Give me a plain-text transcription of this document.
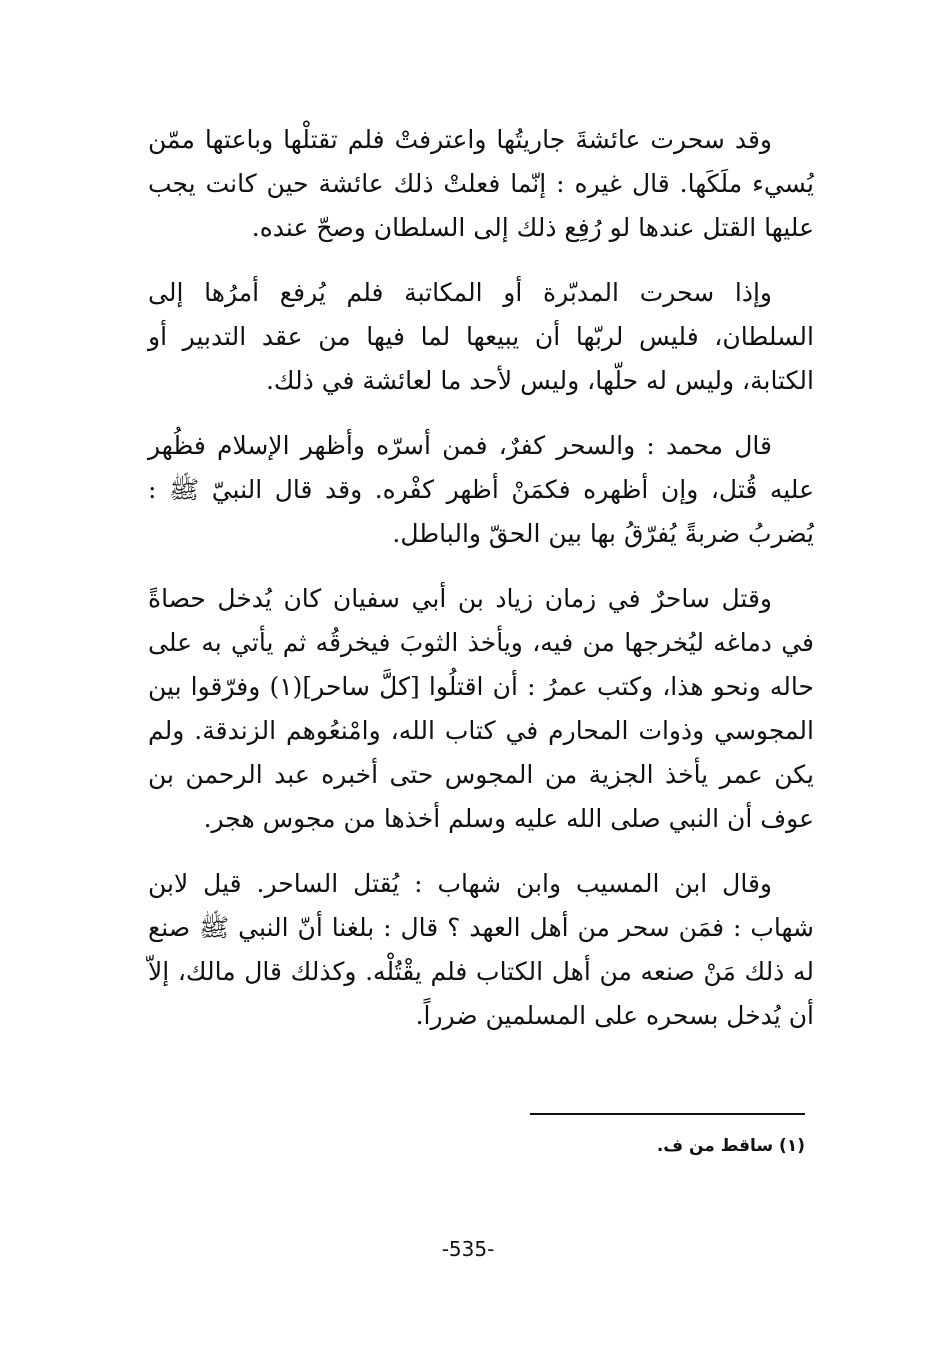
وقد سحرت عائشةَ جاريتُها واعترفتْ فلم تقتلْها وباعتها ممّن يُسيء ملَكَها. قال غيره : إنّما فعلتْ ذلك عائشة حين كانت يجب عليها القتل عندها لو رُفِع ذلك إلى السلطان وصحّ عنده.

وإذا سحرت المدبّرة أو المكاتبة فلم يُرفع أمرُها إلى السلطان، فليس لربّها أن يبيعها لما فيها من عقد التدبير أو الكتابة، وليس له حلّها، وليس لأحد ما لعائشة في ذلك.

قال محمد : والسحر كفرٌ، فمن أسرّه وأظهر الإسلام فظُهر عليه قُتل، وإن أظهره فكمَنْ أظهر كفْره. وقد قال النبيّ ﷺ : يُضربُ ضربةً يُفرّقُ بها بين الحقّ والباطل.

وقتل ساحرٌ في زمان زياد بن أبي سفيان كان يُدخل حصاةً في دماغه ليُخرجها من فيه، ويأخذ الثوبَ فيخرقُه ثم يأتي به على حاله ونحو هذا، وكتب عمرُ : أن اقتلُوا [كلَّ ساحر](١) وفرّقوا بين المجوسي وذوات المحارم في كتاب الله، وامْنعُوهم الزندقة. ولم يكن عمر يأخذ الجزية من المجوس حتى أخبره عبد الرحمن بن عوف أن النبي صلى الله عليه وسلم أخذها من مجوس هجر.

وقال ابن المسيب وابن شهاب : يُقتل الساحر. قيل لابن شهاب : فمَن سحر من أهل العهد ؟ قال : بلغنا أنّ النبي ﷺ صنع له ذلك مَنْ صنعه من أهل الكتاب فلم يقْتُلْه. وكذلك قال مالك، إلاّ أن يُدخل بسحره على المسلمين ضرراً.

(١) ساقط من ف.
-535-
